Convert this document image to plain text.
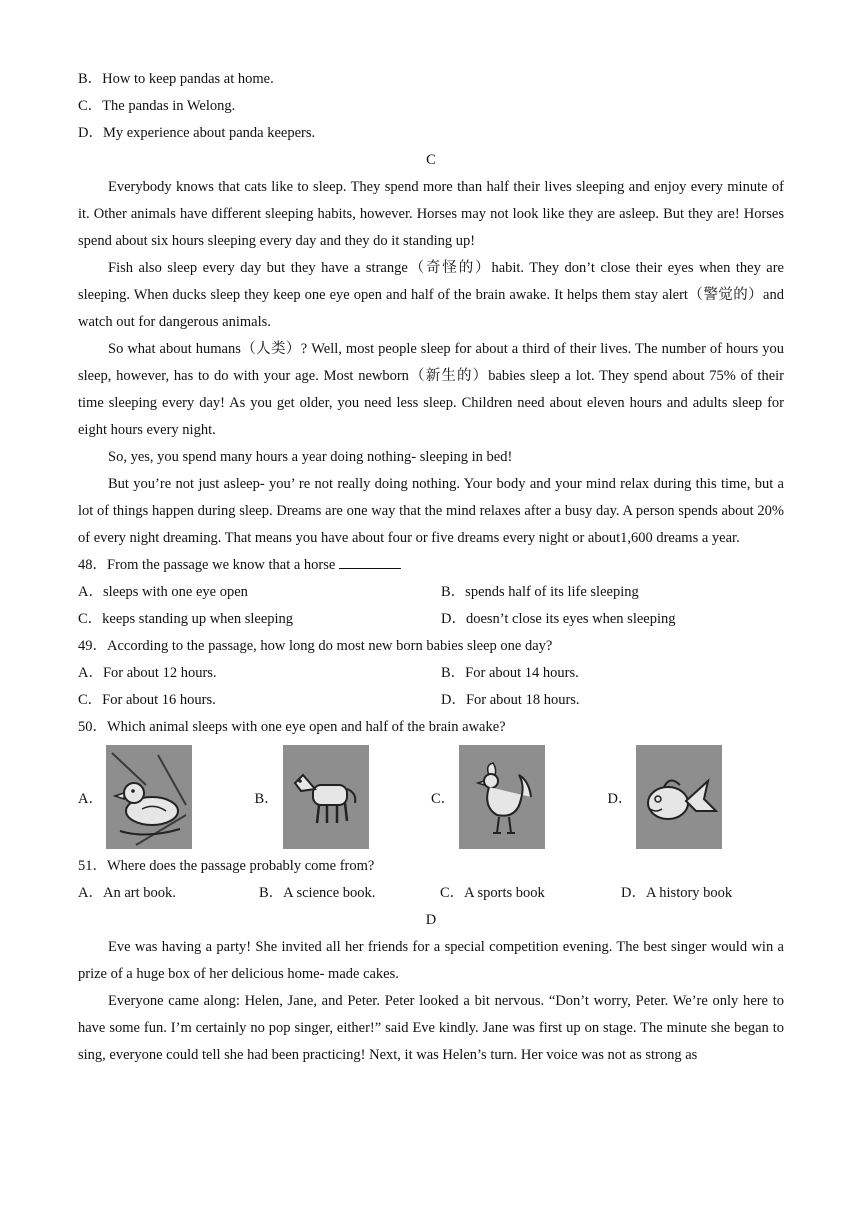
B．How to keep pandas at home.
C．The pandas in Welong.
D．My experience about panda keepers.
C
Everybody knows that cats like to sleep. They spend more than half their lives sleeping and enjoy every minute of it. Other animals have different sleeping habits, however. Horses may not look like they are asleep. But they are! Horses spend about six hours sleeping every day and they do it standing up!
Fish also sleep every day but they have a strange（奇怪的）habit. They don’t close their eyes when they are sleeping. When ducks sleep they keep one eye open and half of the brain awake. It helps them stay alert（警觉的）and watch out for dangerous animals.
So what about humans（人类）? Well, most people sleep for about a third of their lives. The number of hours you sleep, however, has to do with your age. Most newborn（新生的）babies sleep a lot. They spend about 75% of their time sleeping every day! As you get older, you need less sleep. Children need about eleven hours and adults sleep for eight hours every night.
So, yes, you spend many hours a year doing nothing- sleeping in bed!
But you’re not just asleep- you’ re not really doing nothing. Your body and your mind relax during this time, but a lot of things happen during sleep. Dreams are one way that the mind relaxes after a busy day. A person spends about 20% of every night dreaming. That means you have about four or five dreams every night or about1,600 dreams a year.
48．From the passage we know that a horse
A．sleeps with one eye open	B．spends half of its life sleeping
C．keeps standing up when sleeping	D．doesn’t close its eyes when sleeping
49．According to the passage, how long do most new born babies sleep one day?
A．For about 12 hours.	B．For about 14 hours.
C．For about 16 hours.	D．For about 18 hours.
50．Which animal sleeps with one eye open and half of the brain awake?
A．	B．	C．	D．
51．Where does the passage probably come from?
A．An art book.	B．A science book.	C．A sports book	D．A history book
D
Eve was having a party! She invited all her friends for a special competition evening. The best singer would win a prize of a huge box of her delicious home- made cakes.
Everyone came along: Helen, Jane, and Peter. Peter looked a bit nervous. “Don’t worry, Peter. We’re only here to have some fun. I’m certainly no pop singer, either!” said Eve kindly. Jane was first up on stage. The minute she began to sing, everyone could tell she had been practicing! Next, it was Helen’s turn. Her voice was not as strong as
